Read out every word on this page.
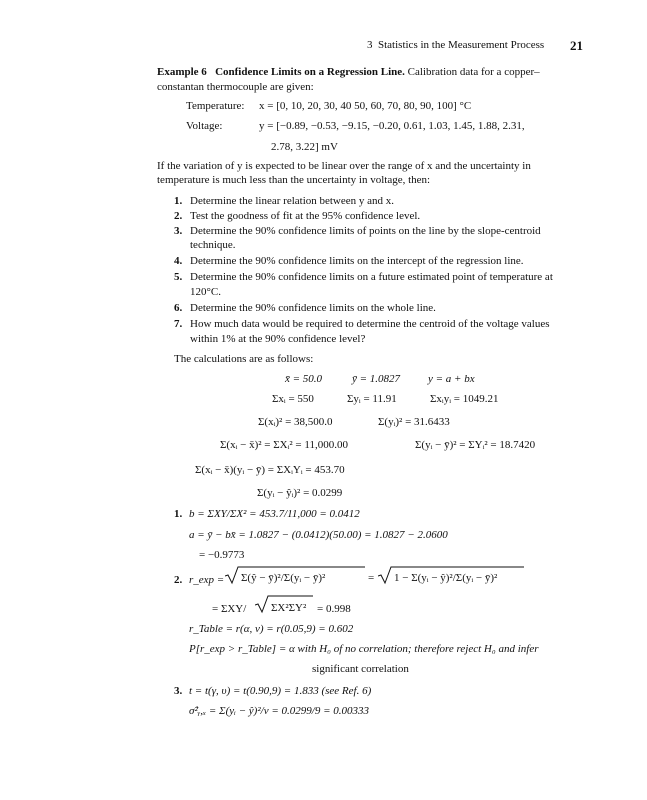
3 Statistics in the Measurement Process 21
Example 6 Confidence Limits on a Regression Line. Calibration data for a copper–
constantan thermocouple are given:
Temperature: x = [0, 10, 20, 30, 40 50, 60, 70, 80, 90, 100] °C
Voltage:	y = [−0.89, −0.53, −9.15, −0.20, 0.61, 1.03, 1.45, 1.88, 2.31,
2.78, 3.22] mV
If the variation of y is expected to be linear over the range of x and the uncertainty in
temperature is much less than the uncertainty in voltage, then:
1. Determine the linear relation between y and x.
2. Test the goodness of fit at the 95% confidence level.
3. Determine the 90% confidence limits of points on the line by the slope-centroid
technique.
4. Determine the 90% confidence limits on the intercept of the regression line.
5. Determine the 90% confidence limits on a future estimated point of temperature at
120°C.
6. Determine the 90% confidence limits on the whole line.
7. How much data would be required to determine the centroid of the voltage values
within 1% at the 90% confidence level?
The calculations are as follows:
x̄ = 50.0	ȳ = 1.0827	y = a + bx
Σxᵢ = 550	Σyᵢ = 11.91	Σxᵢyᵢ = 1049.21
Σ(xᵢ)² = 38,500.0	Σ(yᵢ)² = 31.6433
Σ(xᵢ − x̄)² = ΣXᵢ² = 11,000.00	Σ(yᵢ − ȳ)² = ΣYᵢ² = 18.7420
Σ(xᵢ − x̄)(yᵢ − ȳ) = ΣXᵢYᵢ = 453.70
Σ(yᵢ − ŷᵢ)² = 0.0299
1. b = ΣXY/ΣX² = 453.7/11,000 = 0.0412
a = ȳ − bx̄ = 1.0827 − (0.0412)(50.00) = 1.0827 − 2.0600
= −0.9773
2. r_exp = Σ(ŷ − ȳ)²/Σ(yᵢ − ȳ)²	= 1 − Σ(yᵢ − ŷ)²/Σ(yᵢ − ȳ)²
= ΣXY/ ΣX²ΣY² = 0.998
r_Table = r(α, ν) = r(0.05,9) = 0.602
P[r_exp > r_Table] = α with H₀ of no correlation; therefore reject H₀ and infer
significant correlation
3. t = t(γ, υ) = t(0.90,9) = 1.833 (see Ref. 6)
σ̂²ᵧ,ₓ = Σ(yᵢ − ŷ)²/ν = 0.0299/9 = 0.00333
